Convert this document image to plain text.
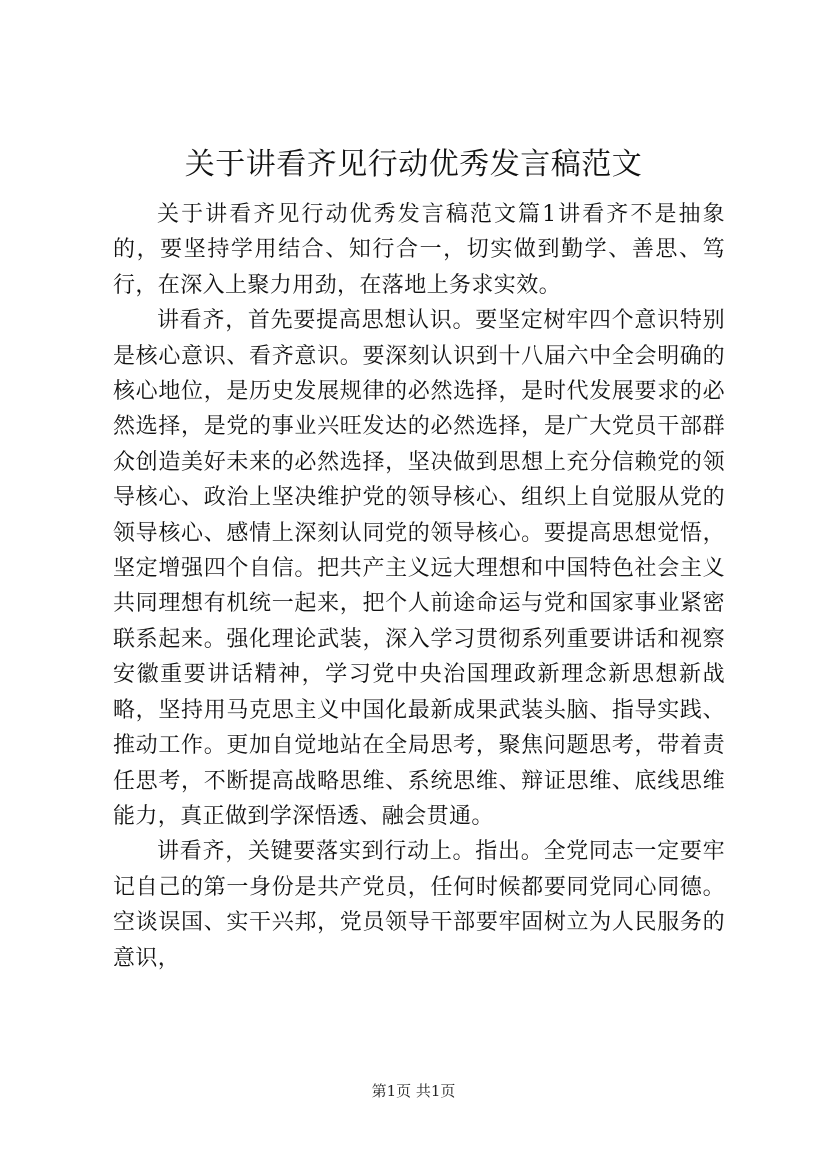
关于讲看齐见行动优秀发言稿范文

关于讲看齐见行动优秀发言稿范文篇1讲看齐不是抽象的，要坚持学用结合、知行合一，切实做到勤学、善思、笃行，在深入上聚力用劲，在落地上务求实效。

讲看齐，首先要提高思想认识。要坚定树牢四个意识特别是核心意识、看齐意识。要深刻认识到十八届六中全会明确的核心地位，是历史发展规律的必然选择，是时代发展要求的必然选择，是党的事业兴旺发达的必然选择，是广大党员干部群众创造美好未来的必然选择，坚决做到思想上充分信赖党的领导核心、政治上坚决维护党的领导核心、组织上自觉服从党的领导核心、感情上深刻认同党的领导核心。要提高思想觉悟，坚定增强四个自信。把共产主义远大理想和中国特色社会主义共同理想有机统一起来，把个人前途命运与党和国家事业紧密联系起来。强化理论武装，深入学习贯彻系列重要讲话和视察安徽重要讲话精神，学习党中央治国理政新理念新思想新战略，坚持用马克思主义中国化最新成果武装头脑、指导实践、推动工作。更加自觉地站在全局思考，聚焦问题思考，带着责任思考，不断提高战略思维、系统思维、辩证思维、底线思维能力，真正做到学深悟透、融会贯通。

讲看齐，关键要落实到行动上。指出。全党同志一定要牢记自己的第一身份是共产党员，任何时候都要同党同心同德。空谈误国、实干兴邦，党员领导干部要牢固树立为人民服务的意识，

第1页 共1页
